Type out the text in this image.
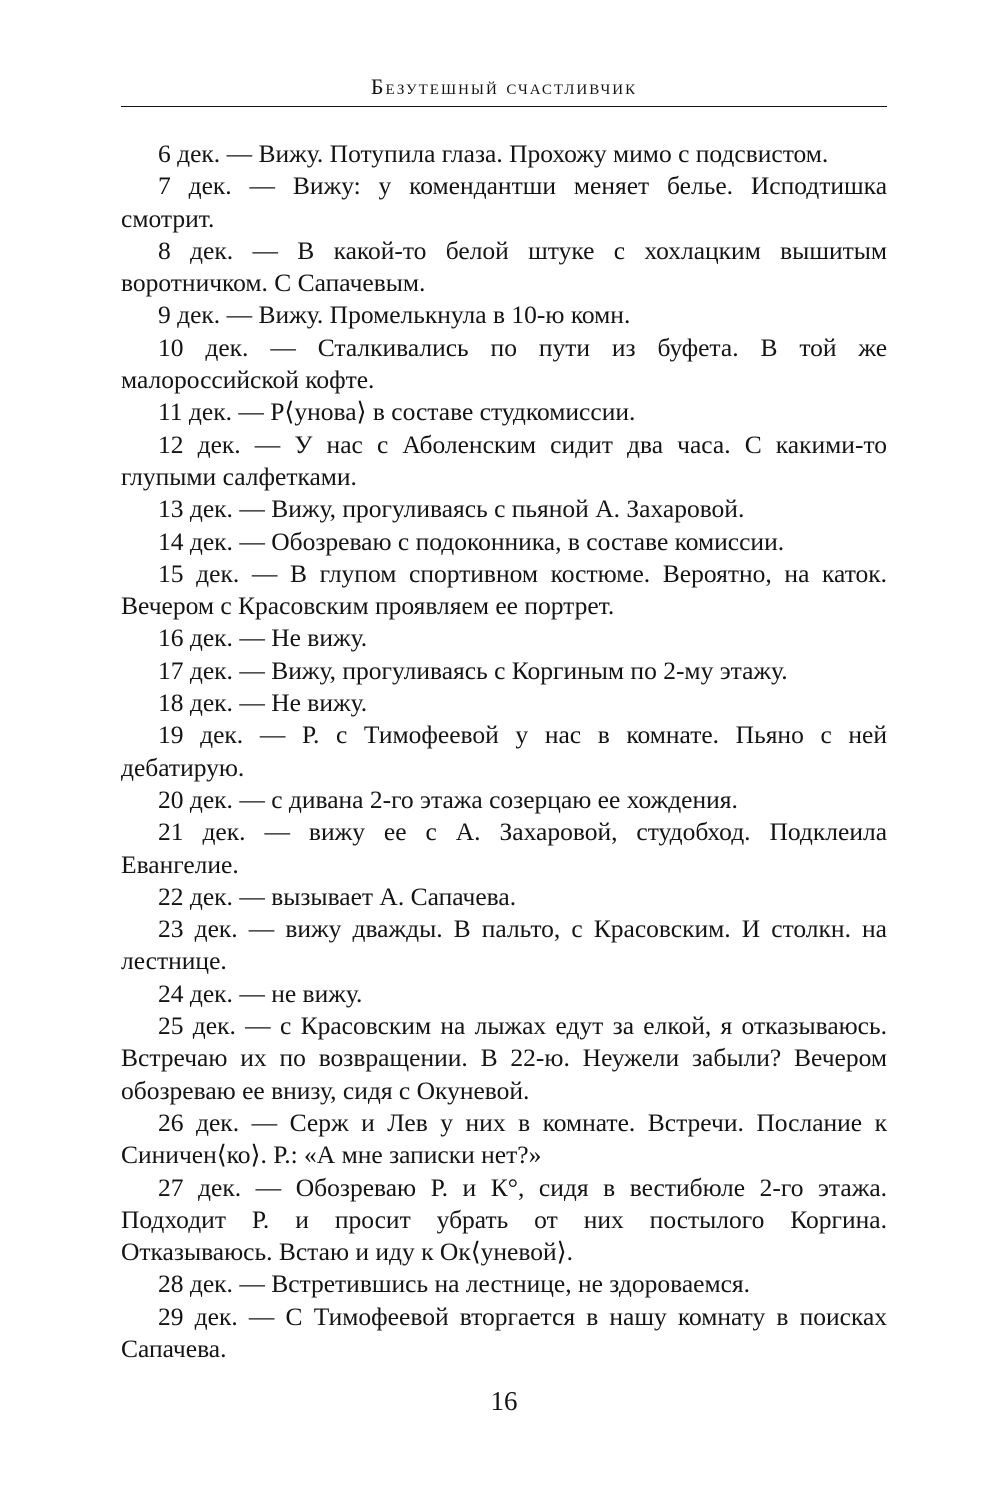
Безутешный счастливчик

6 дек. — Вижу. Потупила глаза. Прохожу мимо с подсвистом.

7 дек. — Вижу: у комендантши меняет белье. Исподтишка смотрит.

8 дек. — В какой-то белой штуке с хохлацким вышитым воротничком. С Сапачевым.

9 дек. — Вижу. Промелькнула в 10-ю комн.

10 дек. — Сталкивались по пути из буфета. В той же малороссийской кофте.

11 дек. — Р⟨унова⟩ в составе студкомиссии.

12 дек. — У нас с Аболенским сидит два часа. С какими-то глупыми салфетками.

13 дек. — Вижу, прогуливаясь с пьяной А. Захаровой.

14 дек. — Обозреваю с подоконника, в составе комиссии.

15 дек. — В глупом спортивном костюме. Вероятно, на каток. Вечером с Красовским проявляем ее портрет.

16 дек. — Не вижу.

17 дек. — Вижу, прогуливаясь с Коргиным по 2-му этажу.

18 дек. — Не вижу.

19 дек. — Р. с Тимофеевой у нас в комнате. Пьяно с ней дебатирую.

20 дек. — с дивана 2-го этажа созерцаю ее хождения.

21 дек. — вижу ее с А. Захаровой, студобход. Подклеила Евангелие.

22 дек. — вызывает А. Сапачева.

23 дек. — вижу дважды. В пальто, с Красовским. И столкн. на лестнице.

24 дек. — не вижу.

25 дек. — с Красовским на лыжах едут за елкой, я отказываюсь. Встречаю их по возвращении. В 22-ю. Неужели забыли? Вечером обозреваю ее внизу, сидя с Окуневой.

26 дек. — Серж и Лев у них в комнате. Встречи. Послание к Синичен⟨ко⟩. Р.: «А мне записки нет?»

27 дек. — Обозреваю Р. и К°, сидя в вестибюле 2-го этажа. Подходит Р. и просит убрать от них постылого Коргина. Отказываюсь. Встаю и иду к Ок⟨уневой⟩.

28 дек. — Встретившись на лестнице, не здороваемся.

29 дек. — С Тимофеевой вторгается в нашу комнату в поисках Сапачева.

16
